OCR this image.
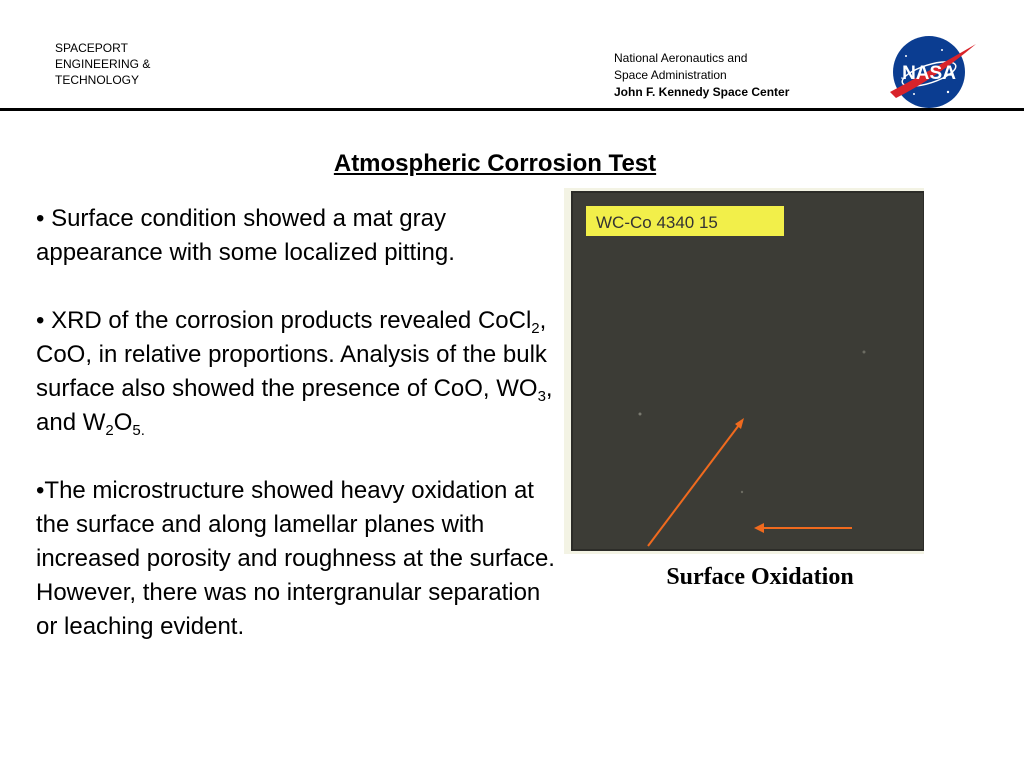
SPACEPORT
ENGINEERING &
TECHNOLOGY
National Aeronautics and
Space Administration
John F. Kennedy Space Center
NASA
Atmospheric Corrosion Test

• Surface condition showed a mat gray appearance with some localized pitting.

• XRD of the corrosion products revealed CoCl$_2$, CoO, in relative proportions. Analysis of the bulk surface also showed the presence of CoO, $WO_3$, and $W_2O_{5.}$

•The microstructure showed heavy oxidation at the surface and along lamellar planes with increased porosity and roughness at the surface. However, there was no intergranular separation or leaching evident.

WC-Co 4340 15
Surface Oxidation
